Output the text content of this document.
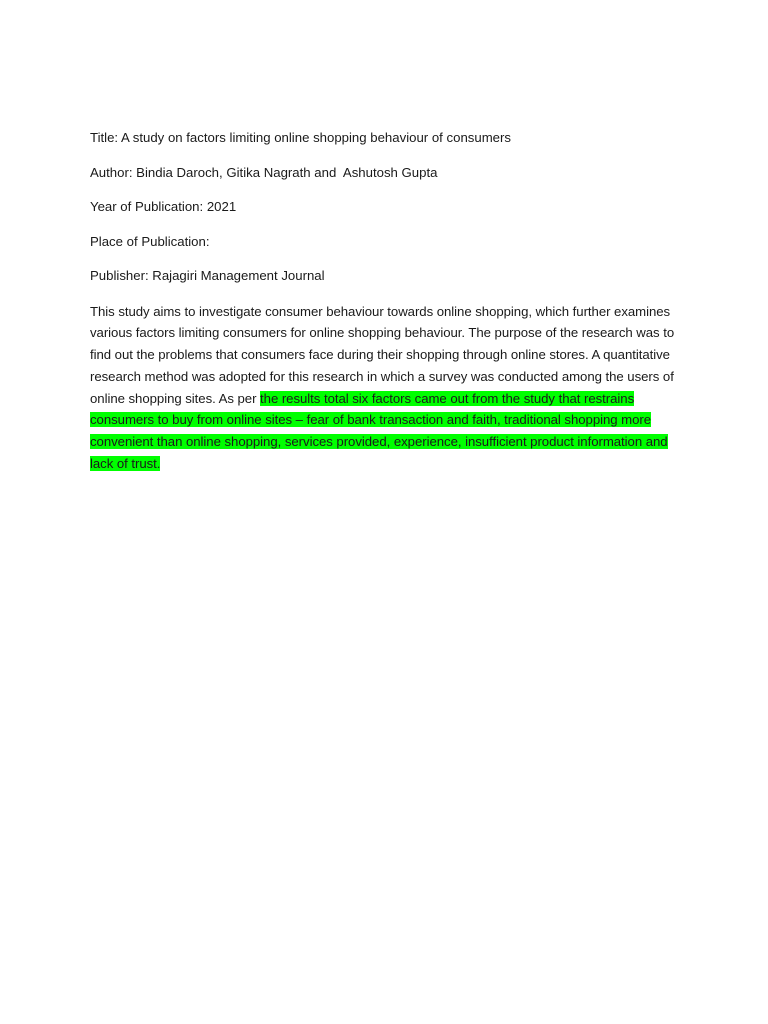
Title: A study on factors limiting online shopping behaviour of consumers

Author: Bindia Daroch, Gitika Nagrath and  Ashutosh Gupta

Year of Publication: 2021

Place of Publication:

Publisher: Rajagiri Management Journal

This study aims to investigate consumer behaviour towards online shopping, which further examines various factors limiting consumers for online shopping behaviour. The purpose of the research was to find out the problems that consumers face during their shopping through online stores. A quantitative research method was adopted for this research in which a survey was conducted among the users of online shopping sites. As per the results total six factors came out from the study that restrains consumers to buy from online sites – fear of bank transaction and faith, traditional shopping more convenient than online shopping, services provided, experience, insufficient product information and lack of trust.
